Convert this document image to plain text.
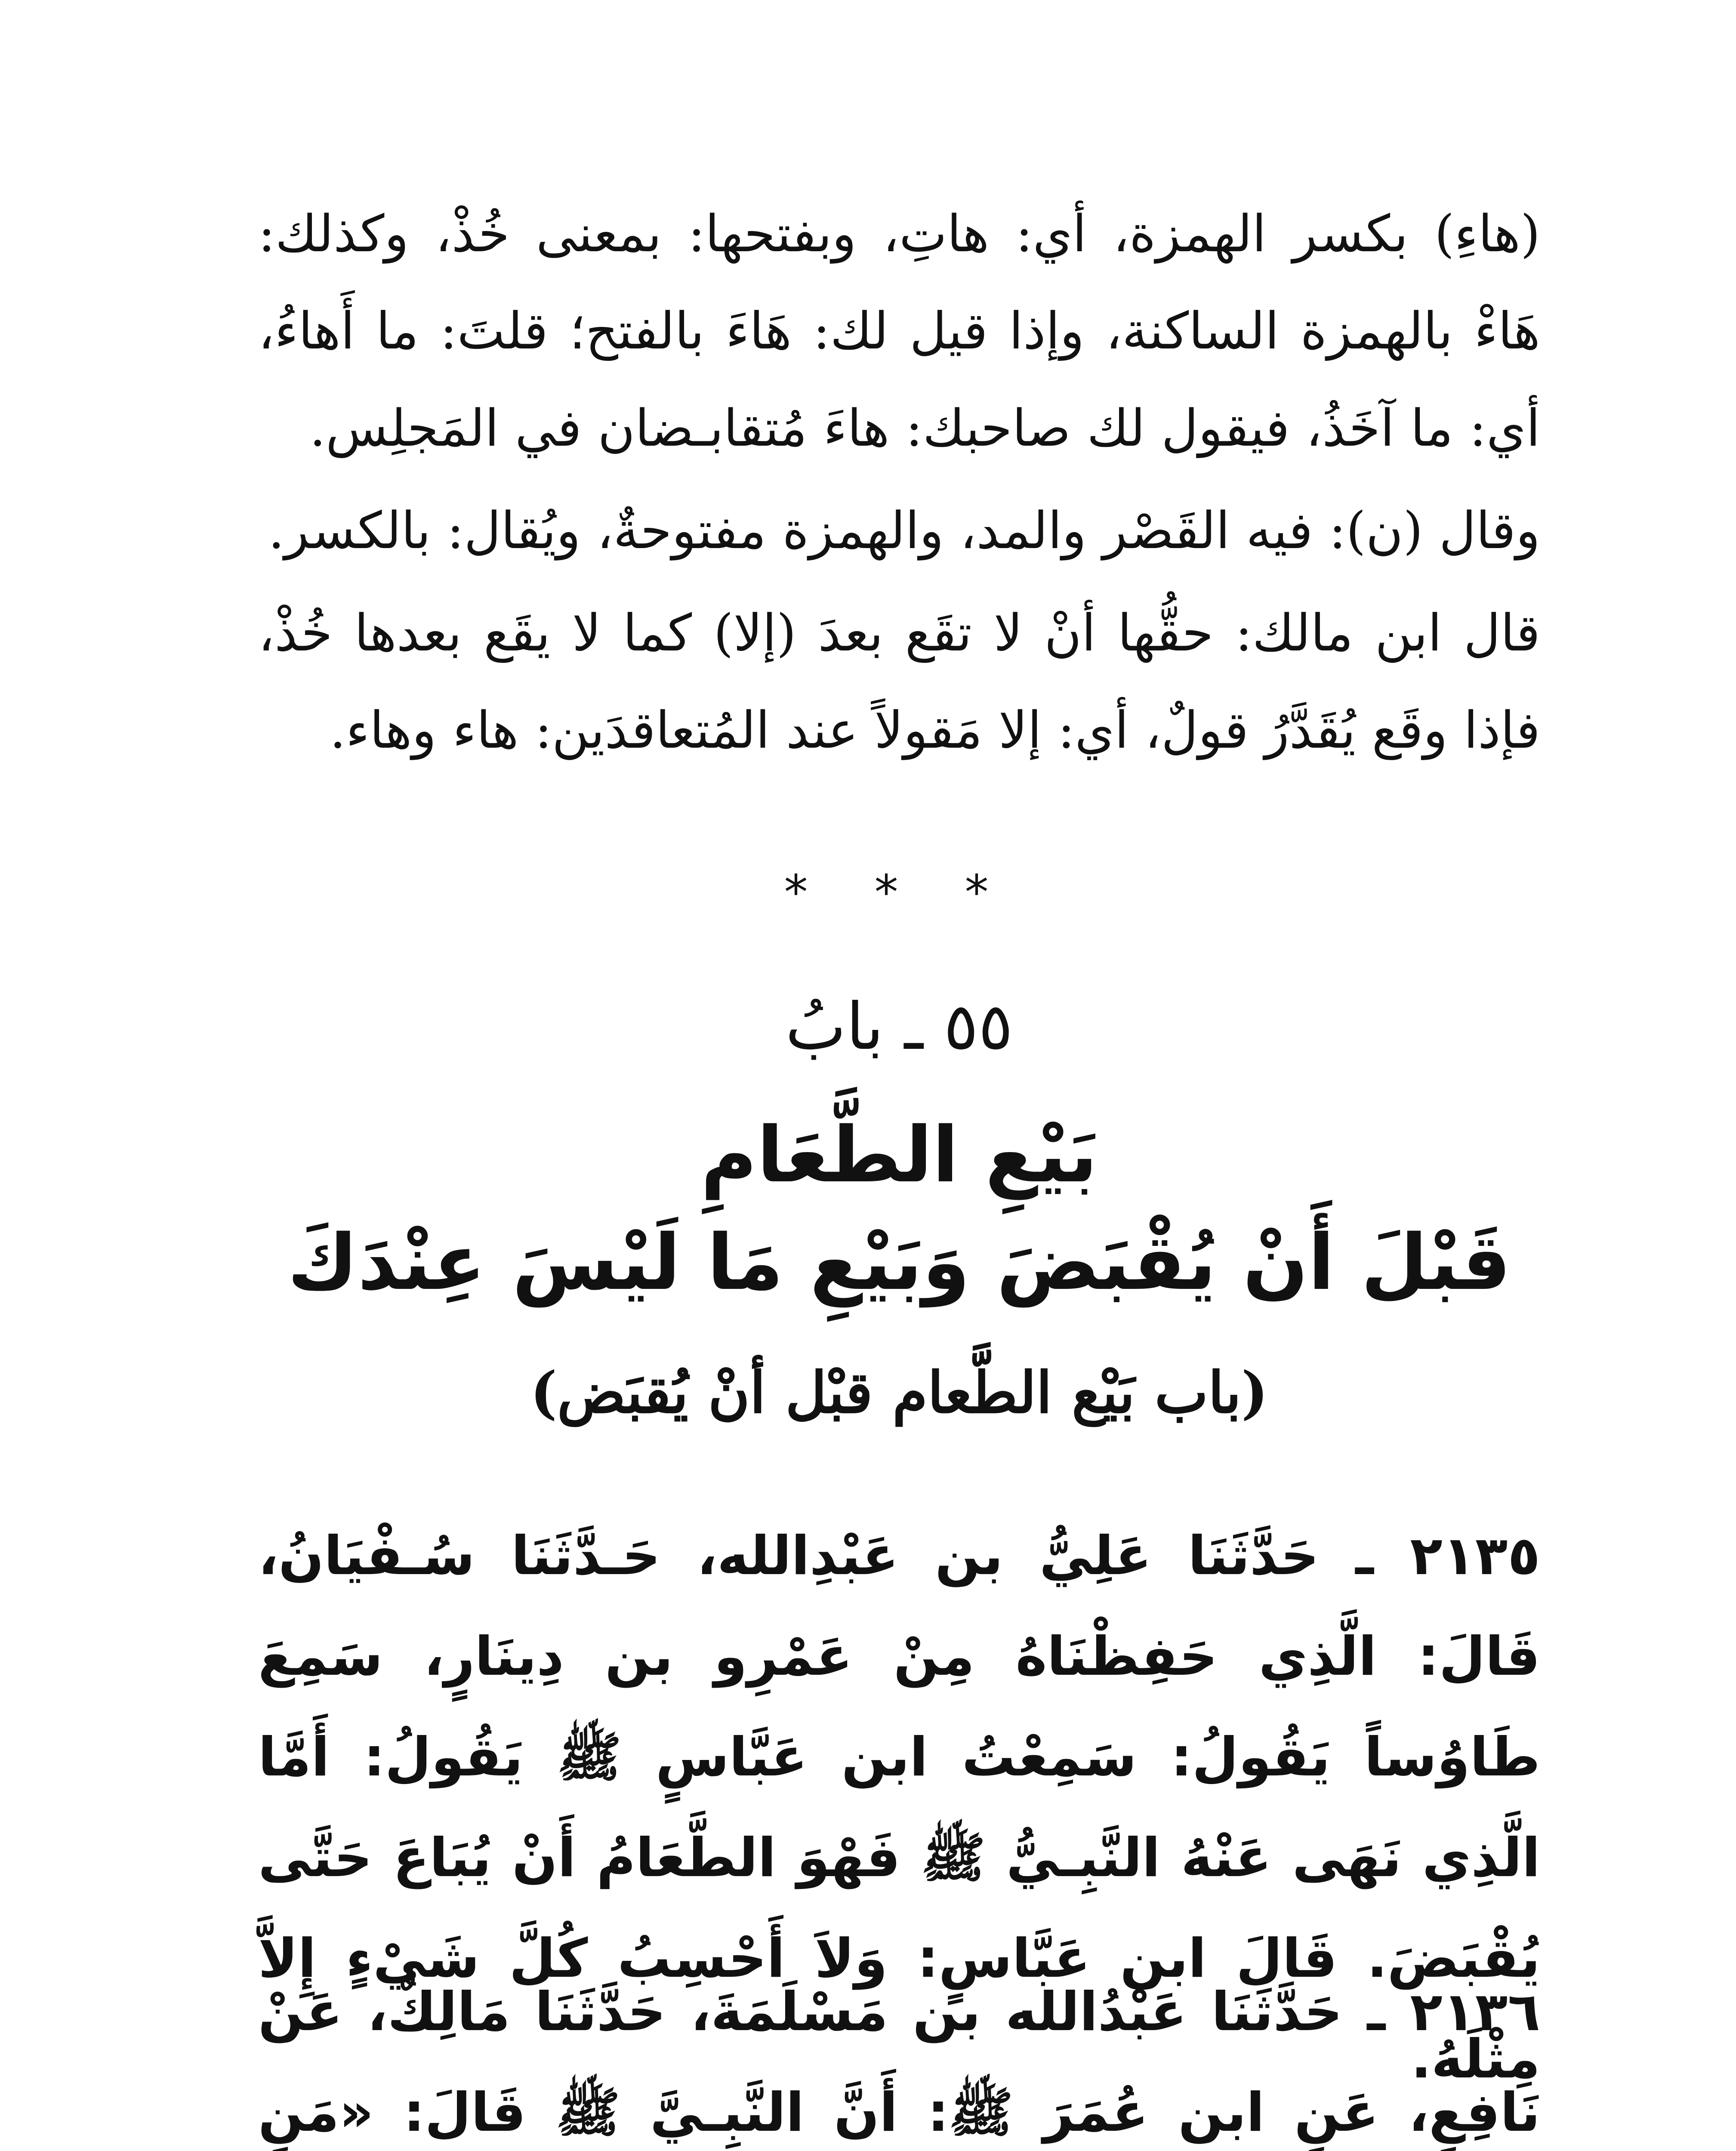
(هاءِ) بكسر الهمزة، أي: هاتِ، وبفتحها: بمعنى خُذْ، وكذلك: هَاءْ بالهمزة الساكنة، وإذا قيل لك: هَاءَ بالفتح؛ قلتَ: ما أَهاءُ، أي: ما آخَذُ، فيقول لك صاحبك: هاءَ مُتقابـضان في المَجلِس.

وقال (ن): فيه القَصْر والمد، والهمزة مفتوحةٌ، ويُقال: بالكسر.

قال ابن مالك: حقُّها أنْ لا تقَع بعدَ (إلا) كما لا يقَع بعدها خُذْ، فإذا وقَع يُقَدَّرُ قولٌ، أي: إلا مَقولاً عند المُتعاقدَين: هاء وهاء.

* * *
٥٥ ـ بابُ
بَيْعِ الطَّعَامِ
قَبْلَ أَنْ يُقْبَضَ وَبَيْعِ مَا لَيْسَ عِنْدَكَ
(باب بَيْع الطَّعام قبْل أنْ يُقبَض)

٢١٣٥ ـ حَدَّثَنَا عَلِيُّ بن عَبْدِالله، حَـدَّثَنَا سُـفْيَانُ، قَالَ: الَّذِي حَفِظْنَاهُ مِنْ عَمْرِو بن دِينَارٍ، سَمِعَ طَاوُساً يَقُولُ: سَمِعْتُ ابن عَبَّاسٍ ﷺ يَقُولُ: أَمَّا الَّذِي نَهَى عَنْهُ النَّبِـيُّ ﷺ فَهْوَ الطَّعَامُ أَنْ يُبَاعَ حَتَّى يُقْبَضَ. قَالَ ابن عَبَّاسٍ: وَلاَ أَحْسِبُ كُلَّ شَيْءٍ إِلاَّ مِثْلَهُ.

٢١٣٦ ـ حَدَّثَنَا عَبْدُالله بن مَسْلَمَةَ، حَدَّثَنَا مَالِكٌ، عَنْ نَافِعٍ، عَنِ ابن عُمَرَ ﷺ: أَنَّ النَّبِـيَّ ﷺ قَالَ: «مَنِ
